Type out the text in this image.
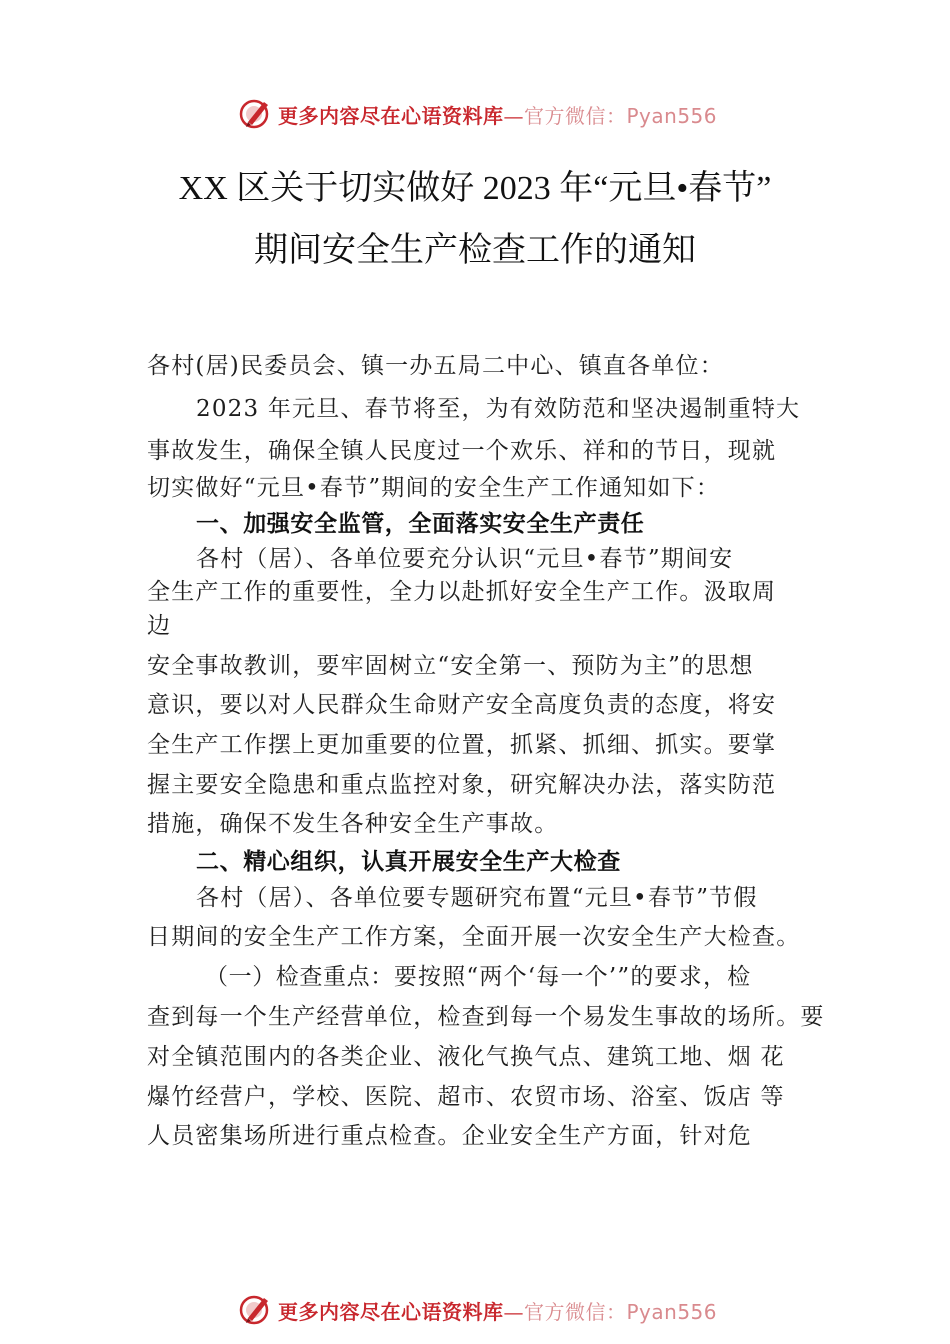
更多内容尽在心语资料库—官方微信：Pyan556
XX 区关于切实做好 2023 年“元旦•春节”
期间安全生产检查工作的通知
各村(居)民委员会、镇一办五局二中心、镇直各单位：
2023 年元旦、春节将至，为有效防范和坚决遏制重特大
事故发生，确保全镇人民度过一个欢乐、祥和的节日，现就
切实做好“元旦•春节”期间的安全生产工作通知如下：
一、加强安全监管，全面落实安全生产责任
各村（居）、各单位要充分认识“元旦•春节”期间安
全生产工作的重要性，全力以赴抓好安全生产工作。汲取周
边
安全事故教训，要牢固树立“安全第一、预防为主”的思想
意识，要以对人民群众生命财产安全高度负责的态度，将安
全生产工作摆上更加重要的位置，抓紧、抓细、抓实。要掌
握主要安全隐患和重点监控对象，研究解决办法，落实防范
措施，确保不发生各种安全生产事故。
二、精心组织，认真开展安全生产大检查
各村（居）、各单位要专题研究布置“元旦•春节”节假
日期间的安全生产工作方案，全面开展一次安全生产大检查。
（一）检查重点：要按照“两个‘每一个’”的要求，检
查到每一个生产经营单位，检查到每一个易发生事故的场所。要
对全镇范围内的各类企业、液化气换气点、建筑工地、烟 花
爆竹经营户，学校、医院、超市、农贸市场、浴室、饭店 等
人员密集场所进行重点检查。企业安全生产方面，针对危
更多内容尽在心语资料库—官方微信：Pyan556
